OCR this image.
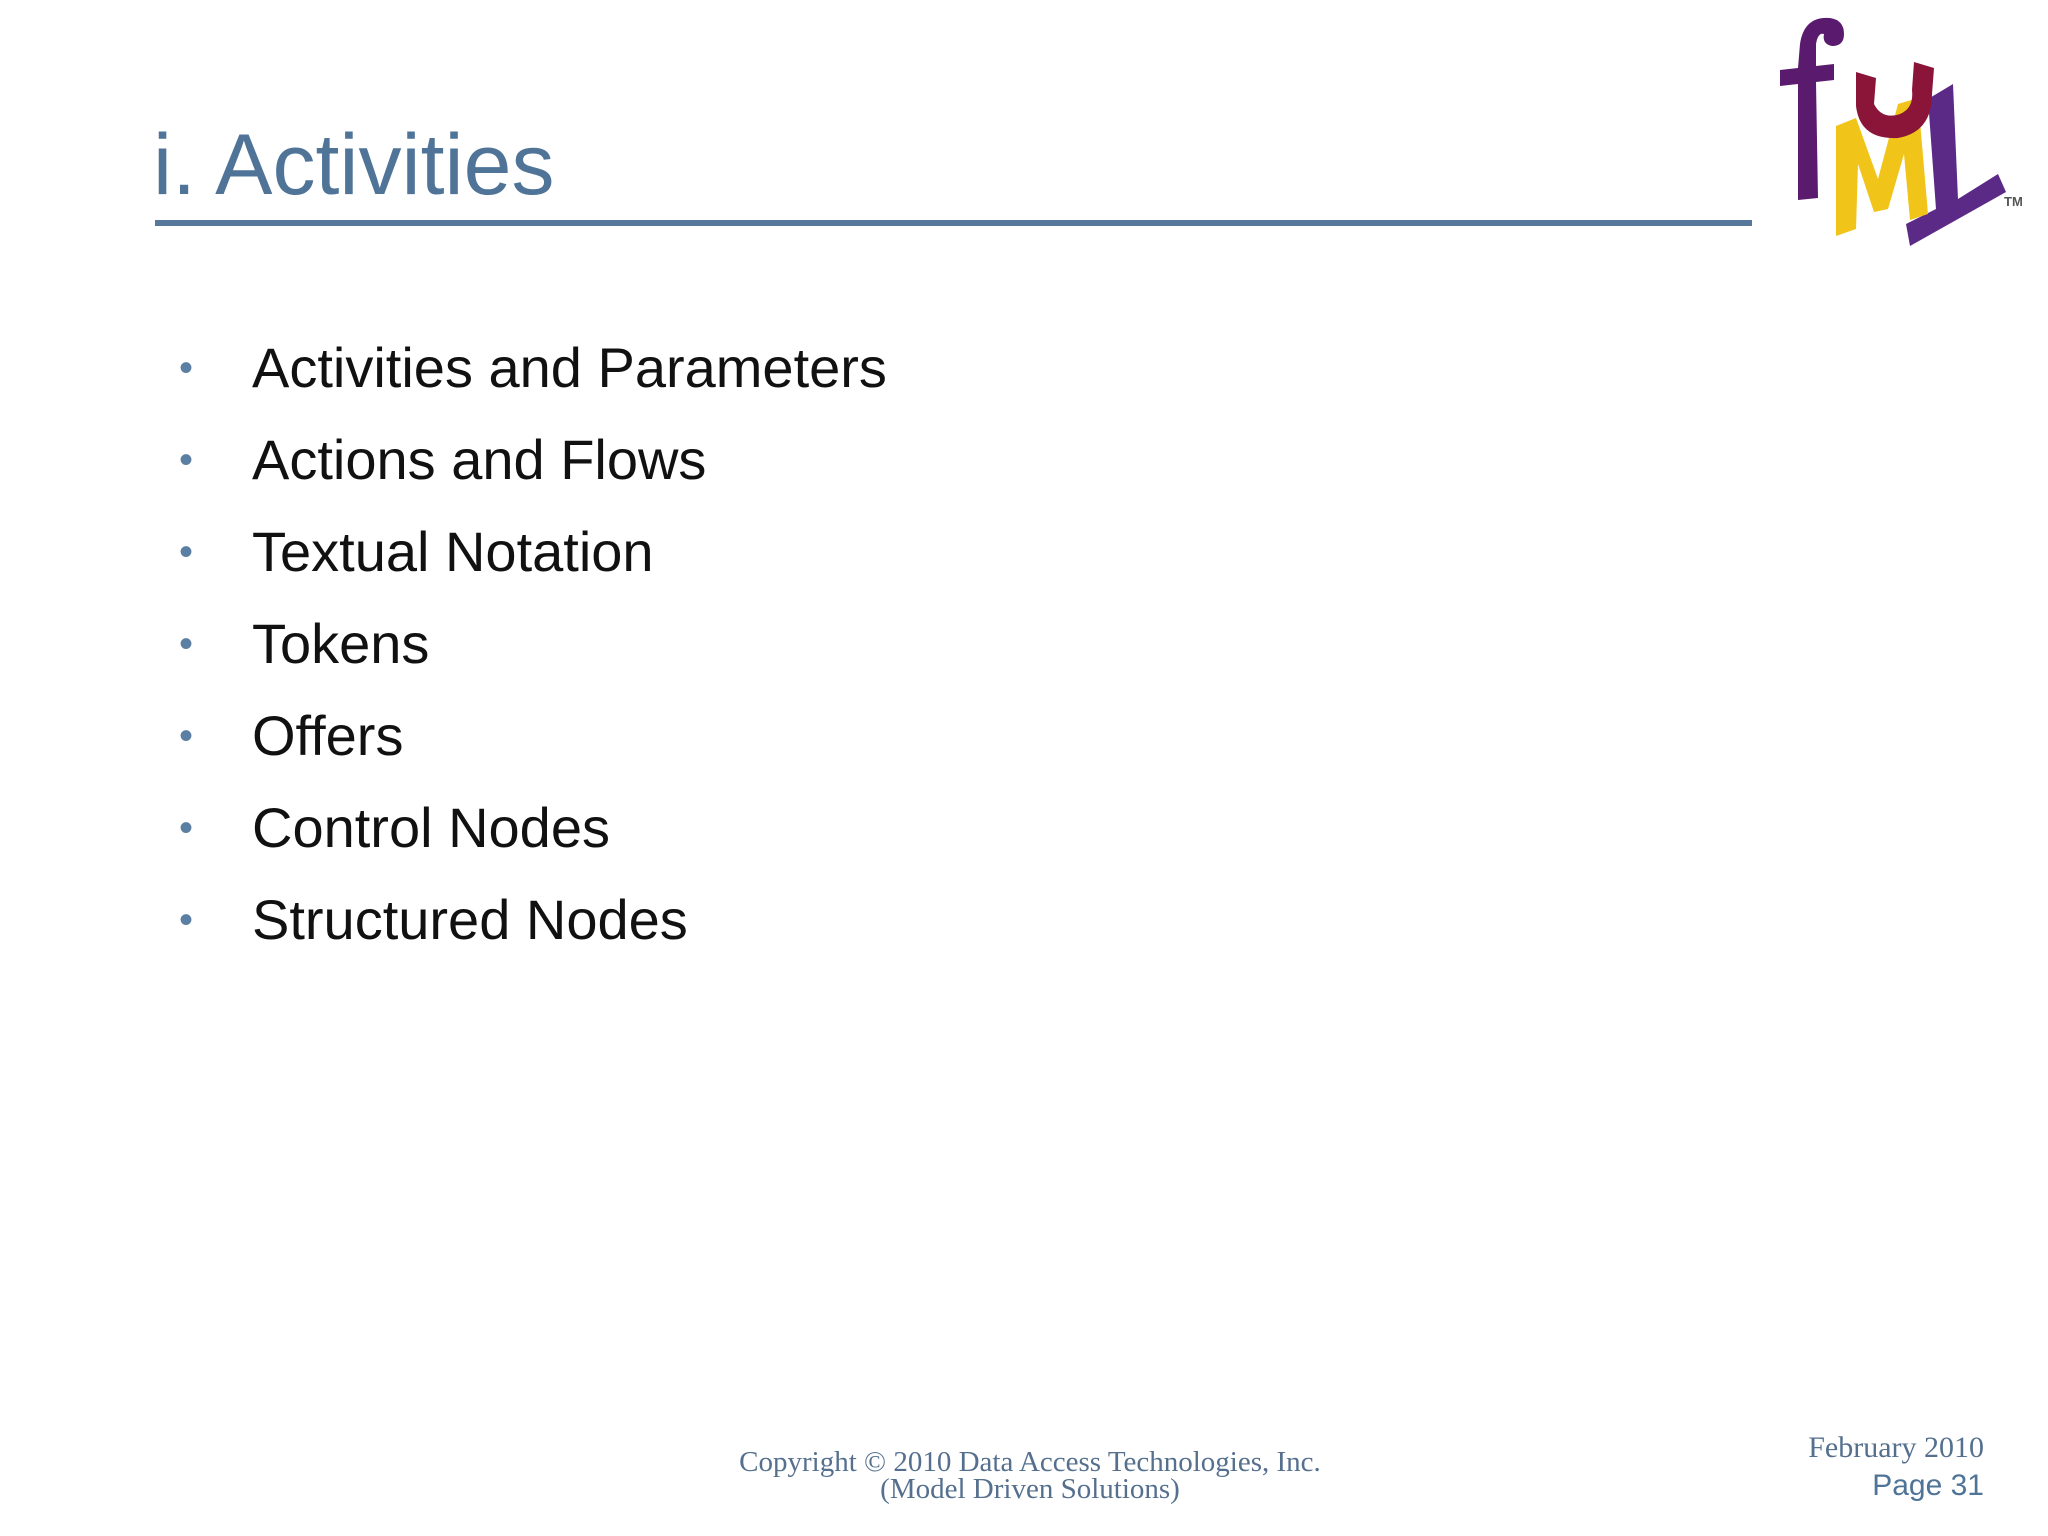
i. Activities	TM
• Activities and Parameters
• Actions and Flows
• Textual Notation
• Tokens
• Offers
• Control Nodes
• Structured Nodes
Copyright © 2010 Data Access Technologies, Inc.
(Model Driven Solutions)
February 2010
Page 31
